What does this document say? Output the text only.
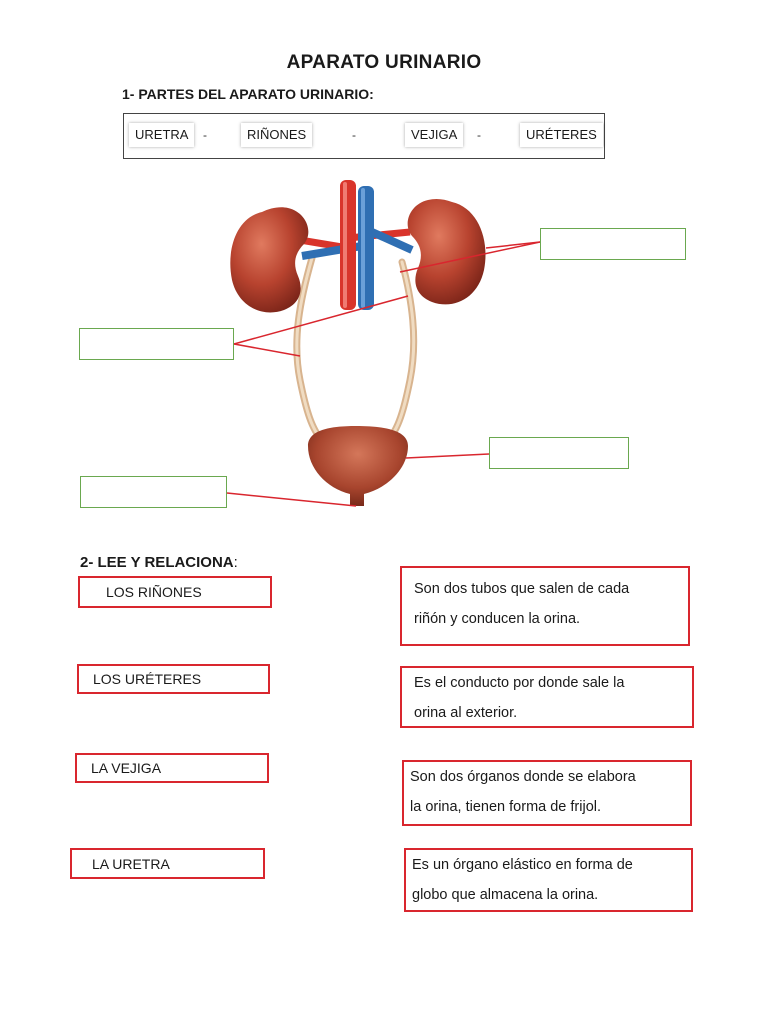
APARATO URINARIO
1- PARTES DEL APARATO URINARIO:
URETRA	-	RIÑONES	-	VEJIGA	-	URÉTERES
2- LEE Y RELACIONA:
LOS RIÑONES
LOS URÉTERES
LA VEJIGA
LA URETRA
Son dos tubos que salen de cada
riñón y conducen la orina.
Es el conducto por donde sale la
orina al exterior.
Son dos órganos donde se elabora
la orina, tienen forma de frijol.
Es un órgano elástico en forma de
globo que almacena la orina.
